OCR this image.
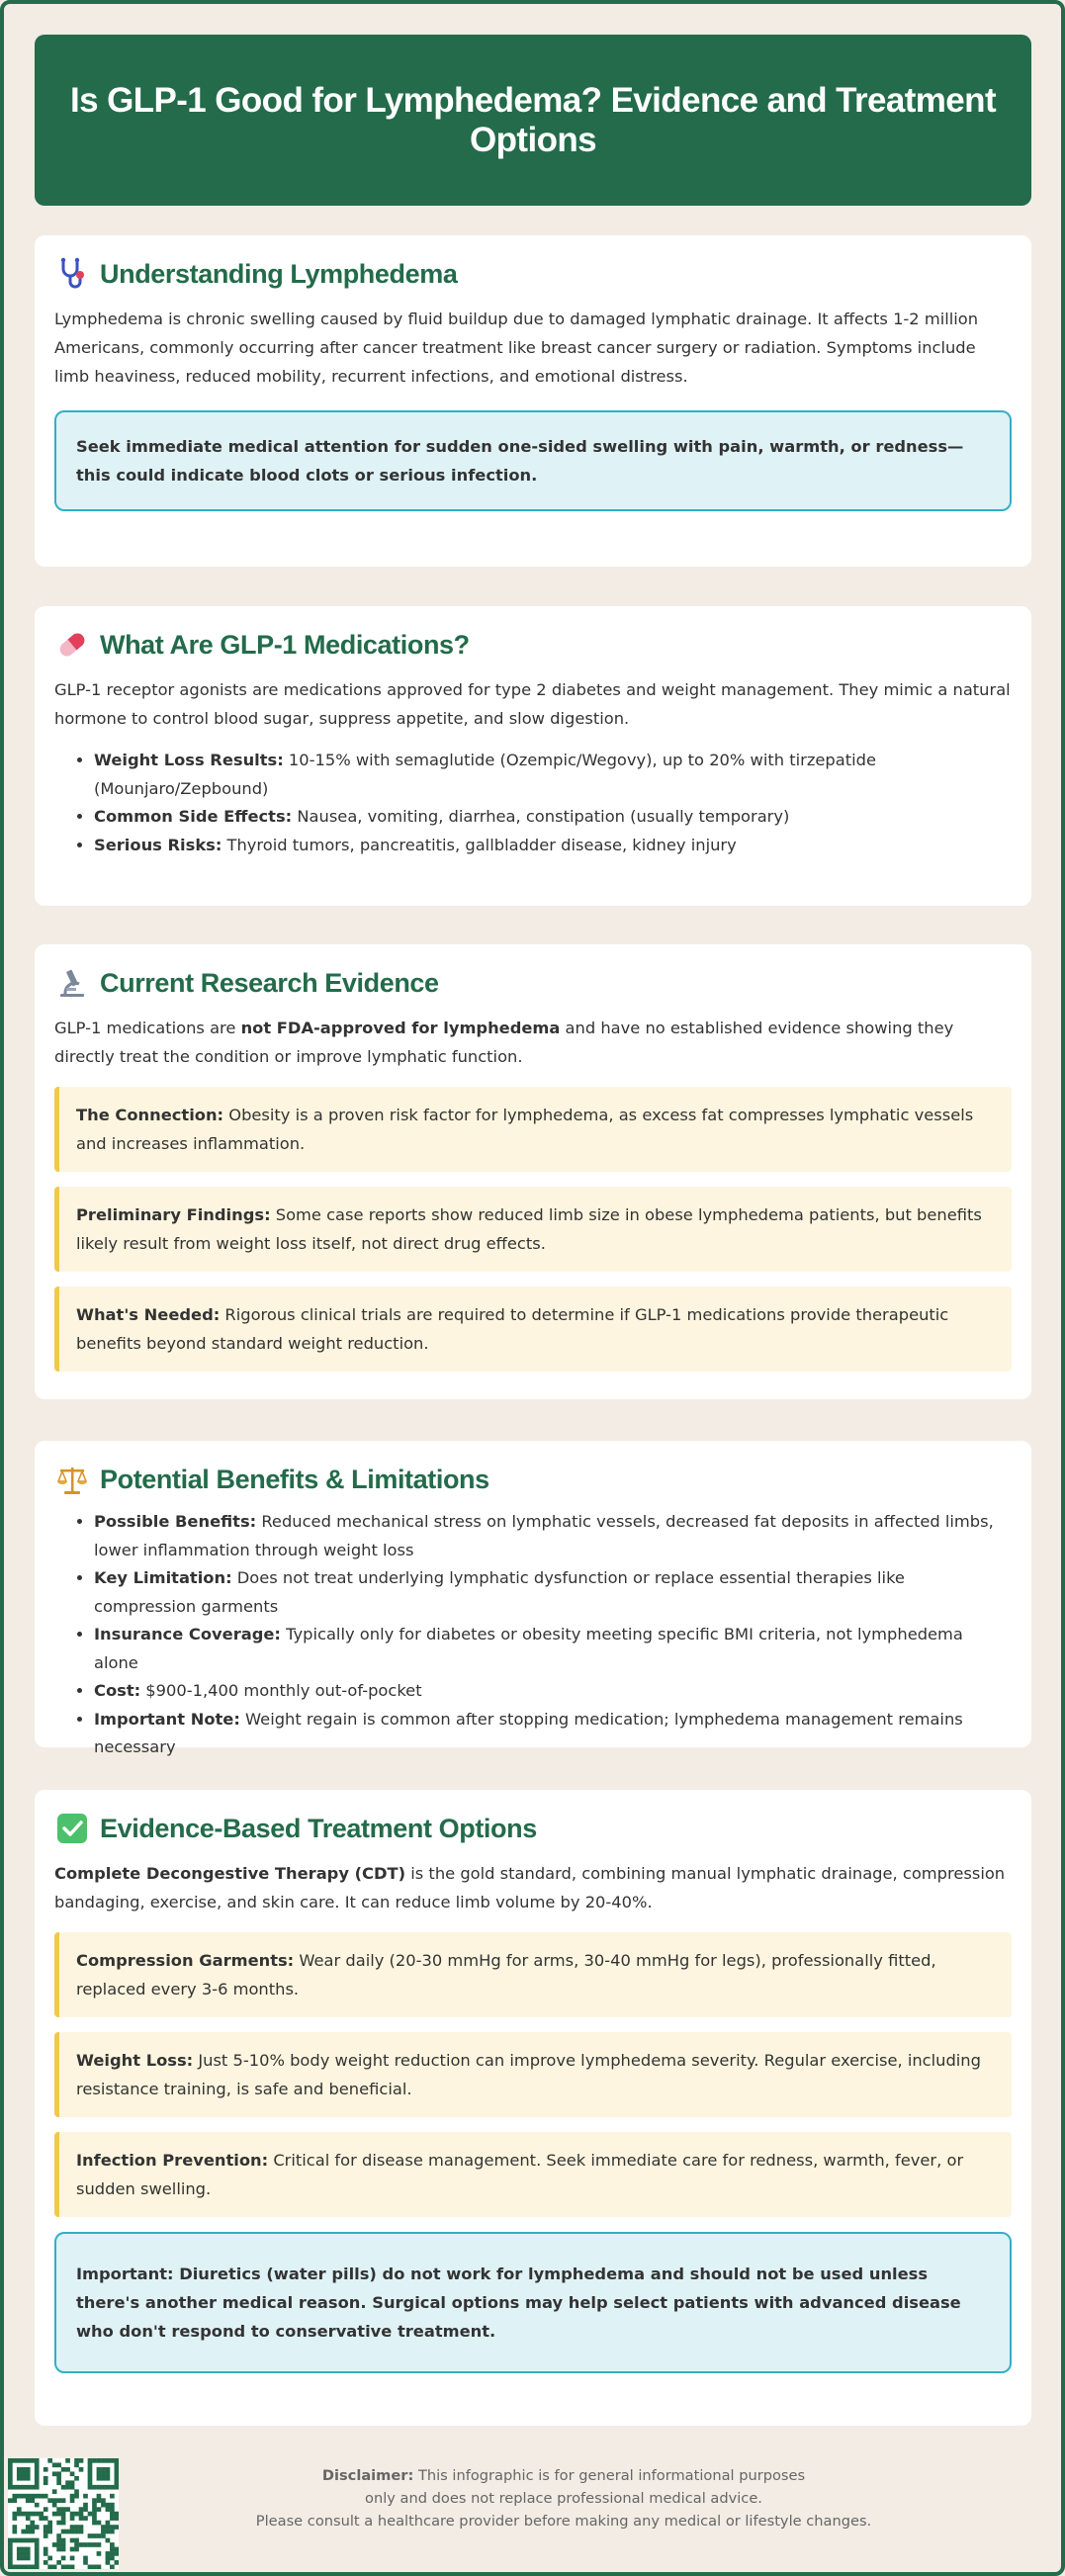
Is GLP-1 Good for Lymphedema? Evidence and Treatment Options
Understanding Lymphedema

Lymphedema is chronic swelling caused by fluid buildup due to damaged lymphatic drainage. It affects 1-2 million Americans, commonly occurring after cancer treatment like breast cancer surgery or radiation. Symptoms include limb heaviness, reduced mobility, recurrent infections, and emotional distress.

Seek immediate medical attention for sudden one-sided swelling with pain, warmth, or redness—this could indicate blood clots or serious infection.
What Are GLP-1 Medications?

GLP-1 receptor agonists are medications approved for type 2 diabetes and weight management. They mimic a natural hormone to control blood sugar, suppress appetite, and slow digestion.

• Weight Loss Results: 10-15% with semaglutide (Ozempic/Wegovy), up to 20% with tirzepatide (Mounjaro/Zepbound)
• Common Side Effects: Nausea, vomiting, diarrhea, constipation (usually temporary)
• Serious Risks: Thyroid tumors, pancreatitis, gallbladder disease, kidney injury
Current Research Evidence

GLP-1 medications are not FDA-approved for lymphedema and have no established evidence showing they directly treat the condition or improve lymphatic function.

The Connection: Obesity is a proven risk factor for lymphedema, as excess fat compresses lymphatic vessels and increases inflammation.
Preliminary Findings: Some case reports show reduced limb size in obese lymphedema patients, but benefits likely result from weight loss itself, not direct drug effects.
What's Needed: Rigorous clinical trials are required to determine if GLP-1 medications provide therapeutic benefits beyond standard weight reduction.
Potential Benefits & Limitations
• Possible Benefits: Reduced mechanical stress on lymphatic vessels, decreased fat deposits in affected limbs, lower inflammation through weight loss
• Key Limitation: Does not treat underlying lymphatic dysfunction or replace essential therapies like compression garments
• Insurance Coverage: Typically only for diabetes or obesity meeting specific BMI criteria, not lymphedema alone
• Cost: $900-1,400 monthly out-of-pocket
• Important Note: Weight regain is common after stopping medication; lymphedema management remains necessary
Evidence-Based Treatment Options

Complete Decongestive Therapy (CDT) is the gold standard, combining manual lymphatic drainage, compression bandaging, exercise, and skin care. It can reduce limb volume by 20-40%.

Compression Garments: Wear daily (20-30 mmHg for arms, 30-40 mmHg for legs), professionally fitted, replaced every 3-6 months.
Weight Loss: Just 5-10% body weight reduction can improve lymphedema severity. Regular exercise, including resistance training, is safe and beneficial.
Infection Prevention: Critical for disease management. Seek immediate care for redness, warmth, fever, or sudden swelling.
Important: Diuretics (water pills) do not work for lymphedema and should not be used unless there's another medical reason. Surgical options may help select patients with advanced disease who don't respond to conservative treatment.
Disclaimer: This infographic is for general informational purposes
only and does not replace professional medical advice.
Please consult a healthcare provider before making any medical or lifestyle changes.
